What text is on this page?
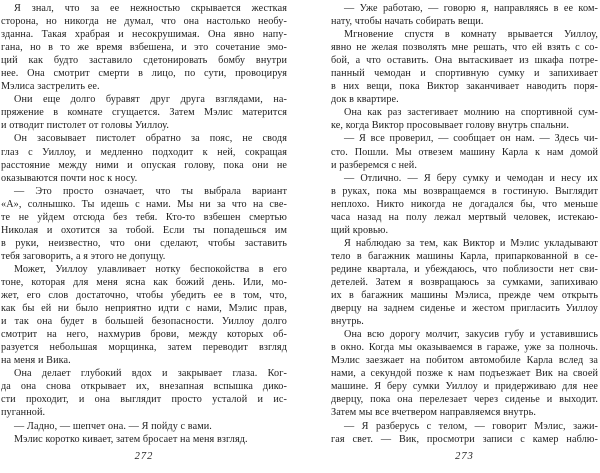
Я знал, что за ее нежностью скрывается жесткая
сторона, но никогда не думал, что она настолько необу-
зданна. Такая храбрая и несокрушимая. Она явно напу-
гана, но в то же время взбешена, и это сочетание эмо-
ций как будто заставило сдетонировать бомбу внутри
нее. Она смотрит смерти в лицо, по сути, провоцируя
Мэлиса застрелить ее.
Они еще долго буравят друг друга взглядами, на-
пряжение в комнате сгущается. Затем Мэлис матерится
и отводит пистолет от головы Уиллоу.
Он засовывает пистолет обратно за пояс, не сводя
глаз с Уиллоу, и медленно подходит к ней, сокращая
расстояние между ними и опуская голову, пока они не
оказываются почти нос к носу.
— Это просто означает, что ты выбрала вариант
«А», солнышко. Ты идешь с нами. Мы ни за что на све-
те не уйдем отсюда без тебя. Кто-то взбешен смертью
Николая и охотится за тобой. Если ты попадешься им
в руки, неизвестно, что они сделают, чтобы заставить
тебя заговорить, а я этого не допущу.
Может, Уиллоу улавливает нотку беспокойства в его
тоне, которая для меня ясна как божий день. Или, мо-
жет, его слов достаточно, чтобы убедить ее в том, что,
как бы ей ни было неприятно идти с нами, Мэлис прав,
и так она будет в большей безопасности. Уиллоу долго
смотрит на него, нахмурив брови, между которых об-
разуется небольшая морщинка, затем переводит взгляд
на меня и Вика.
Она делает глубокий вдох и закрывает глаза. Ког-
да она снова открывает их, внезапная вспышка дико-
сти проходит, и она выглядит просто усталой и ис-
пуганной.
— Ладно, — шепчет она. — Я пойду с вами.
Мэлис коротко кивает, затем бросает на меня взгляд.
272
— Уже работаю, — говорю я, направляясь в ее ком-
нату, чтобы начать собирать вещи.
Мгновение спустя в комнату врывается Уиллоу,
явно не желая позволять мне решать, что ей взять с со-
бой, а что оставить. Она вытаскивает из шкафа потре-
панный чемодан и спортивную сумку и запихивает
в них вещи, пока Виктор заканчивает наводить поря-
док в квартире.
Она как раз застегивает молнию на спортивной сум-
ке, когда Виктор просовывает голову внутрь спальни.
— Я все проверил, — сообщает он нам. — Здесь чи-
сто. Пошли. Мы отвезем машину Карла к нам домой
и разберемся с ней.
— Отлично. — Я беру сумку и чемодан и несу их
в руках, пока мы возвращаемся в гостиную. Выглядит
неплохо. Никто никогда не догадался бы, что меньше
часа назад на полу лежал мертвый человек, истекаю-
щий кровью.
Я наблюдаю за тем, как Виктор и Мэлис укладывают
тело в багажник машины Карла, припаркованной в се-
редине квартала, и убеждаюсь, что поблизости нет сви-
детелей. Затем я возвращаюсь за сумками, запихиваю
их в багажник машины Мэлиса, прежде чем открыть
дверцу на заднем сиденье и жестом пригласить Уиллоу
внутрь.
Она всю дорогу молчит, закусив губу и уставившись
в окно. Когда мы оказываемся в гараже, уже за полночь.
Мэлис заезжает на побитом автомобиле Карла вслед за
нами, а секундой позже к нам подъезжает Вик на своей
машине. Я беру сумки Уиллоу и придерживаю для нее
дверцу, пока она перелезает через сиденье и выходит.
Затем мы все вчетвером направляемся внутрь.
— Я разберусь с телом, — говорит Мэлис, зажи-
гая свет. — Вик, просмотри записи с камер наблю-
273
